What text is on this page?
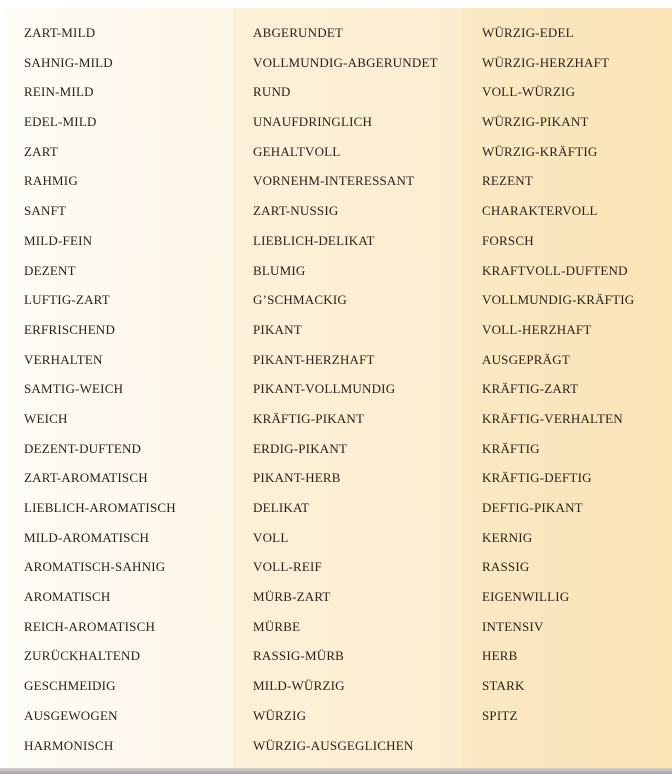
ZART-MILD
SAHNIG-MILD
REIN-MILD
EDEL-MILD
ZART
RAHMIG
SANFT
MILD-FEIN
DEZENT
LUFTIG-ZART
ERFRISCHEND
VERHALTEN
SAMTIG-WEICH
WEICH
DEZENT-DUFTEND
ZART-AROMATISCH
LIEBLICH-AROMATISCH
MILD-AROMATISCH
AROMATISCH-SAHNIG
AROMATISCH
REICH-AROMATISCH
ZURÜCKHALTEND
GESCHMEIDIG
AUSGEWOGEN
HARMONISCH
ABGERUNDET
VOLLMUNDIG-ABGERUNDET
RUND
UNAUFDRINGLICH
GEHALTVOLL
VORNEHM-INTERESSANT
ZART-NUSSIG
LIEBLICH-DELIKAT
BLUMIG
G’SCHMACKIG
PIKANT
PIKANT-HERZHAFT
PIKANT-VOLLMUNDIG
KRÄFTIG-PIKANT
ERDIG-PIKANT
PIKANT-HERB
DELIKAT
VOLL
VOLL-REIF
MÜRB-ZART
MÜRBE
RASSIG-MÜRB
MILD-WÜRZIG
WÜRZIG
WÜRZIG-AUSGEGLICHEN
WÜRZIG-EDEL
WÜRZIG-HERZHAFT
VOLL-WÜRZIG
WÜRZIG-PIKANT
WÜRZIG-KRÄFTIG
REZENT
CHARAKTERVOLL
FORSCH
KRAFTVOLL-DUFTEND
VOLLMUNDIG-KRÄFTIG
VOLL-HERZHAFT
AUSGEPRÄGT
KRÄFTIG-ZART
KRÄFTIG-VERHALTEN
KRÄFTIG
KRÄFTIG-DEFTIG
DEFTIG-PIKANT
KERNIG
RASSIG
EIGENWILLIG
INTENSIV
HERB
STARK
SPITZ
